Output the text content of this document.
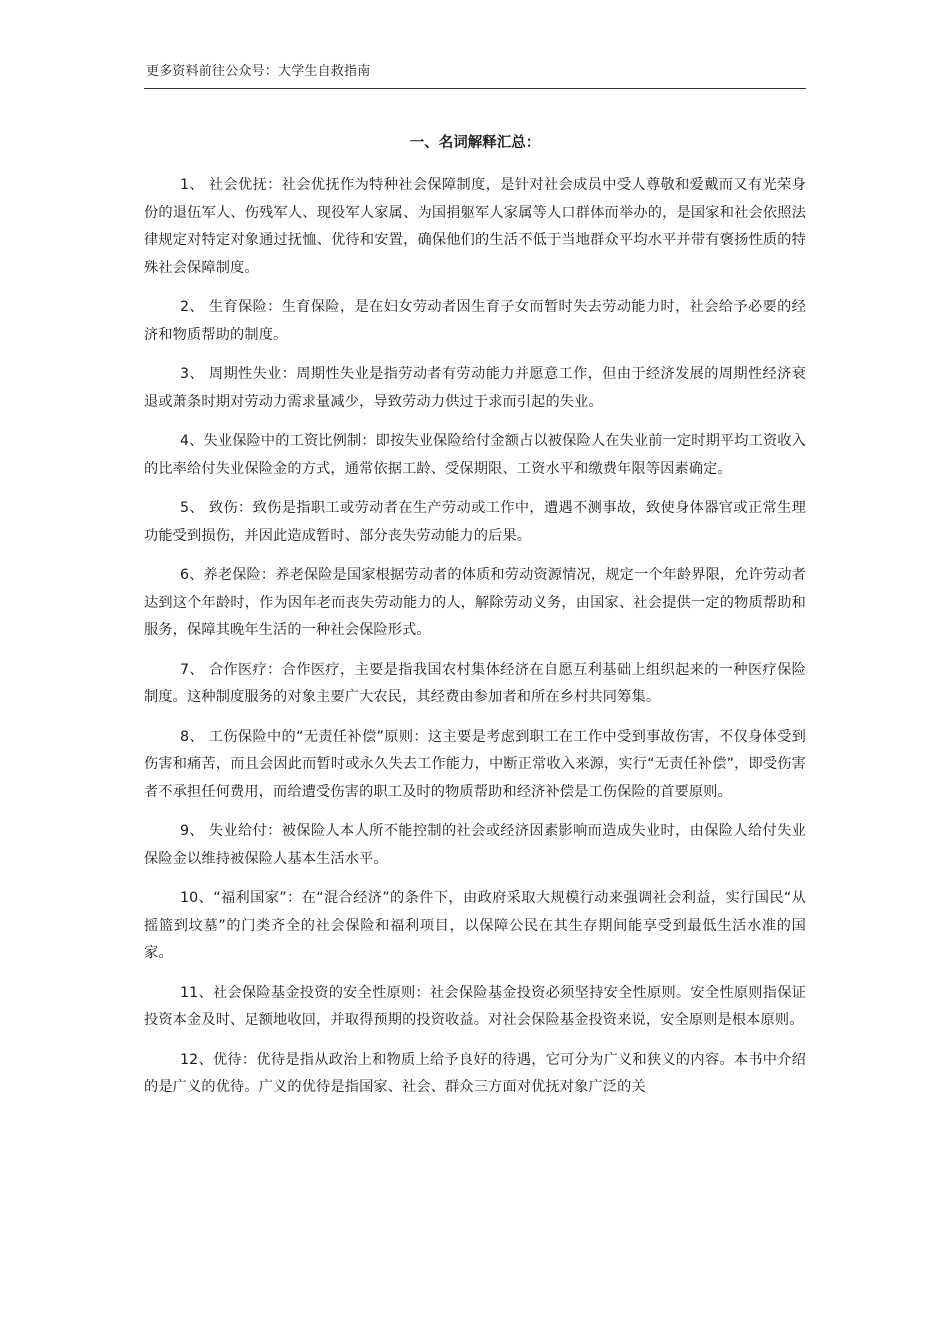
更多资料前往公众号：大学生自救指南
一、名词解释汇总：

1、 社会优抚：社会优抚作为特种社会保障制度，是针对社会成员中受人尊敬和爱戴而又有光荣身份的退伍军人、伤残军人、现役军人家属、为国捐躯军人家属等人口群体而举办的，是国家和社会依照法律规定对特定对象通过抚恤、优待和安置，确保他们的生活不低于当地群众平均水平并带有褒扬性质的特殊社会保障制度。

2、 生育保险：生育保险，是在妇女劳动者因生育子女而暂时失去劳动能力时，社会给予必要的经济和物质帮助的制度。

3、 周期性失业：周期性失业是指劳动者有劳动能力并愿意工作，但由于经济发展的周期性经济衰退或萧条时期对劳动力需求量减少，导致劳动力供过于求而引起的失业。

4、失业保险中的工资比例制：即按失业保险给付金额占以被保险人在失业前一定时期平均工资收入的比率给付失业保险金的方式，通常依据工龄、受保期限、工资水平和缴费年限等因素确定。

5、 致伤：致伤是指职工或劳动者在生产劳动或工作中，遭遇不测事故，致使身体器官或正常生理功能受到损伤，并因此造成暂时、部分丧失劳动能力的后果。

6、养老保险：养老保险是国家根据劳动者的体质和劳动资源情况，规定一个年龄界限，允许劳动者达到这个年龄时，作为因年老而丧失劳动能力的人，解除劳动义务，由国家、社会提供一定的物质帮助和服务，保障其晚年生活的一种社会保险形式。

7、 合作医疗：合作医疗，主要是指我国农村集体经济在自愿互利基础上组织起来的一种医疗保险制度。这种制度服务的对象主要广大农民，其经费由参加者和所在乡村共同筹集。

8、 工伤保险中的“无责任补偿”原则：这主要是考虑到职工在工作中受到事故伤害，不仅身体受到伤害和痛苦，而且会因此而暂时或永久失去工作能力，中断正常收入来源，实行“无责任补偿”，即受伤害者不承担任何费用，而给遭受伤害的职工及时的物质帮助和经济补偿是工伤保险的首要原则。

9、 失业给付：被保险人本人所不能控制的社会或经济因素影响而造成失业时，由保险人给付失业保险金以维持被保险人基本生活水平。

10、“福利国家”：在“混合经济”的条件下，由政府采取大规模行动来强调社会利益，实行国民“从摇篮到坟墓”的门类齐全的社会保险和福利项目，以保障公民在其生存期间能享受到最低生活水准的国家。

11、社会保险基金投资的安全性原则：社会保险基金投资必须坚持安全性原则。安全性原则指保证投资本金及时、足额地收回，并取得预期的投资收益。对社会保险基金投资来说，安全原则是根本原则。

12、优待：优待是指从政治上和物质上给予良好的待遇，它可分为广义和狭义的内容。本书中介绍的是广义的优待。广义的优待是指国家、社会、群众三方面对优抚对象广泛的关
